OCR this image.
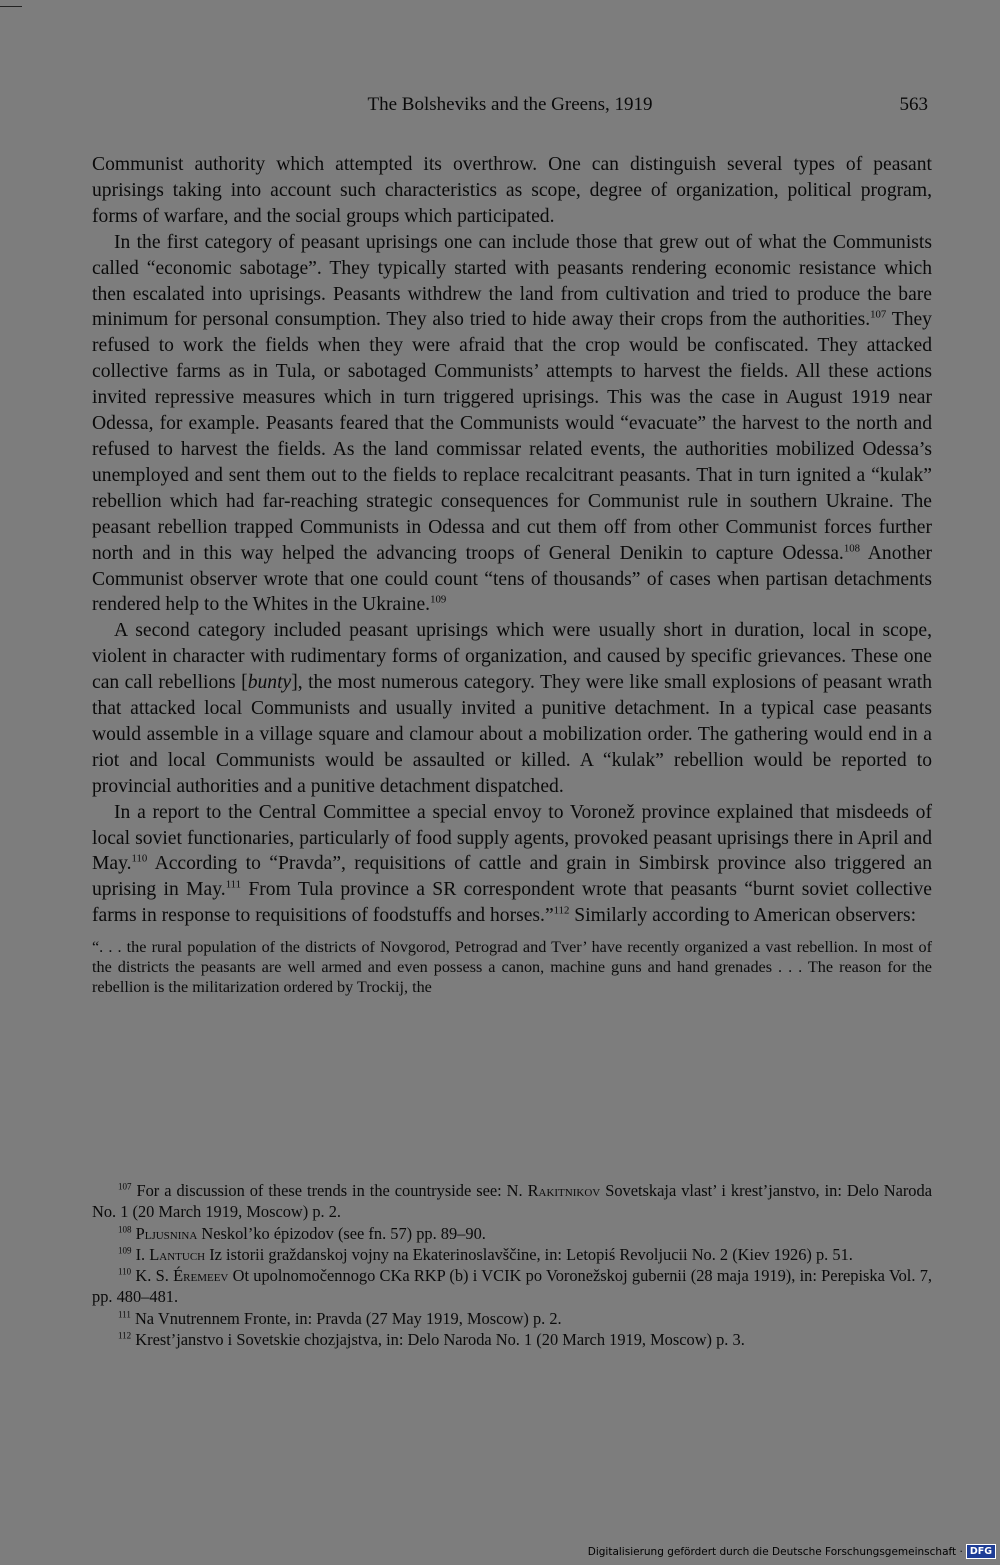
The Bolsheviks and the Greens, 1919	563

Communist authority which attempted its overthrow. One can distinguish several types of peasant uprisings taking into account such characteristics as scope, degree of organization, political program, forms of warfare, and the social groups which participated.

In the first category of peasant uprisings one can include those that grew out of what the Communists called “economic sabotage”. They typically started with peasants rendering economic resistance which then escalated into uprisings. Peasants withdrew the land from cultivation and tried to produce the bare minimum for personal consumption. They also tried to hide away their crops from the authorities.$^{107}$ They refused to work the fields when they were afraid that the crop would be confiscated. They attacked collective farms as in Tula, or sabotaged Communists’ attempts to harvest the fields. All these actions invited repressive measures which in turn triggered uprisings. This was the case in August 1919 near Odessa, for example. Peasants feared that the Communists would “evacuate” the harvest to the north and refused to harvest the fields. As the land commissar related events, the authorities mobilized Odessa’s unemployed and sent them out to the fields to replace recalcitrant peasants. That in turn ignited a “kulak” rebellion which had far-reaching strategic consequences for Communist rule in southern Ukraine. The peasant rebellion trapped Communists in Odessa and cut them off from other Communist forces further north and in this way helped the advancing troops of General Denikin to capture Odessa.$^{108}$ Another Communist observer wrote that one could count “tens of thousands” of cases when partisan detachments rendered help to the Whites in the Ukraine.$^{109}$

A second category included peasant uprisings which were usually short in duration, local in scope, violent in character with rudimentary forms of organization, and caused by specific grievances. These one can call rebellions [bunty], the most numerous category. They were like small explosions of peasant wrath that attacked local Communists and usually invited a punitive detachment. In a typical case peasants would assemble in a village square and clamour about a mobilization order. The gathering would end in a riot and local Communists would be assaulted or killed. A “kulak” rebellion would be reported to provincial authorities and a punitive detachment dispatched.

In a report to the Central Committee a special envoy to Voronež province explained that misdeeds of local soviet functionaries, particularly of food supply agents, provoked peasant uprisings there in April and May.$^{110}$ According to “Pravda”, requisitions of cattle and grain in Simbirsk province also triggered an uprising in May.$^{111}$ From Tula province a SR correspondent wrote that peasants “burnt soviet collective farms in response to requisitions of foodstuffs and horses.”$^{112}$ Similarly according to American observers:

“. . . the rural population of the districts of Novgorod, Petrograd and Tver’ have recently organized a vast rebellion. In most of the districts the peasants are well armed and even possess a canon, machine guns and hand grenades . . . The reason for the rebellion is the militarization ordered by Trockij, the

$^{107}$ For a discussion of these trends in the countryside see: N. Rakitnikov Sovetskaja vlast’ i krest’janstvo, in: Delo Naroda No. 1 (20 March 1919, Moscow) p. 2.

$^{108}$ Pljusnina Neskol’ko épizodov (see fn. 57) pp. 89–90.

$^{109}$ I. Lantuch Iz istorii graždanskoj vojny na Ekaterinoslavščine, in: Letopiś Revoljucii No. 2 (Kiev 1926) p. 51.

$^{110}$ K. S. Éremeev Ot upolnomočennogo CKa RKP (b) i VCIK po Voronežskoj gubernii (28 maja 1919), in: Perepiska Vol. 7, pp. 480–481.

$^{111}$ Na Vnutrennem Fronte, in: Pravda (27 May 1919, Moscow) p. 2.

$^{112}$ Krest’janstvo i Sovetskie chozjajstva, in: Delo Naroda No. 1 (20 March 1919, Moscow) p. 3.

Digitalisierung gefördert durch die Deutsche Forschungsgemeinschaft · DFG
